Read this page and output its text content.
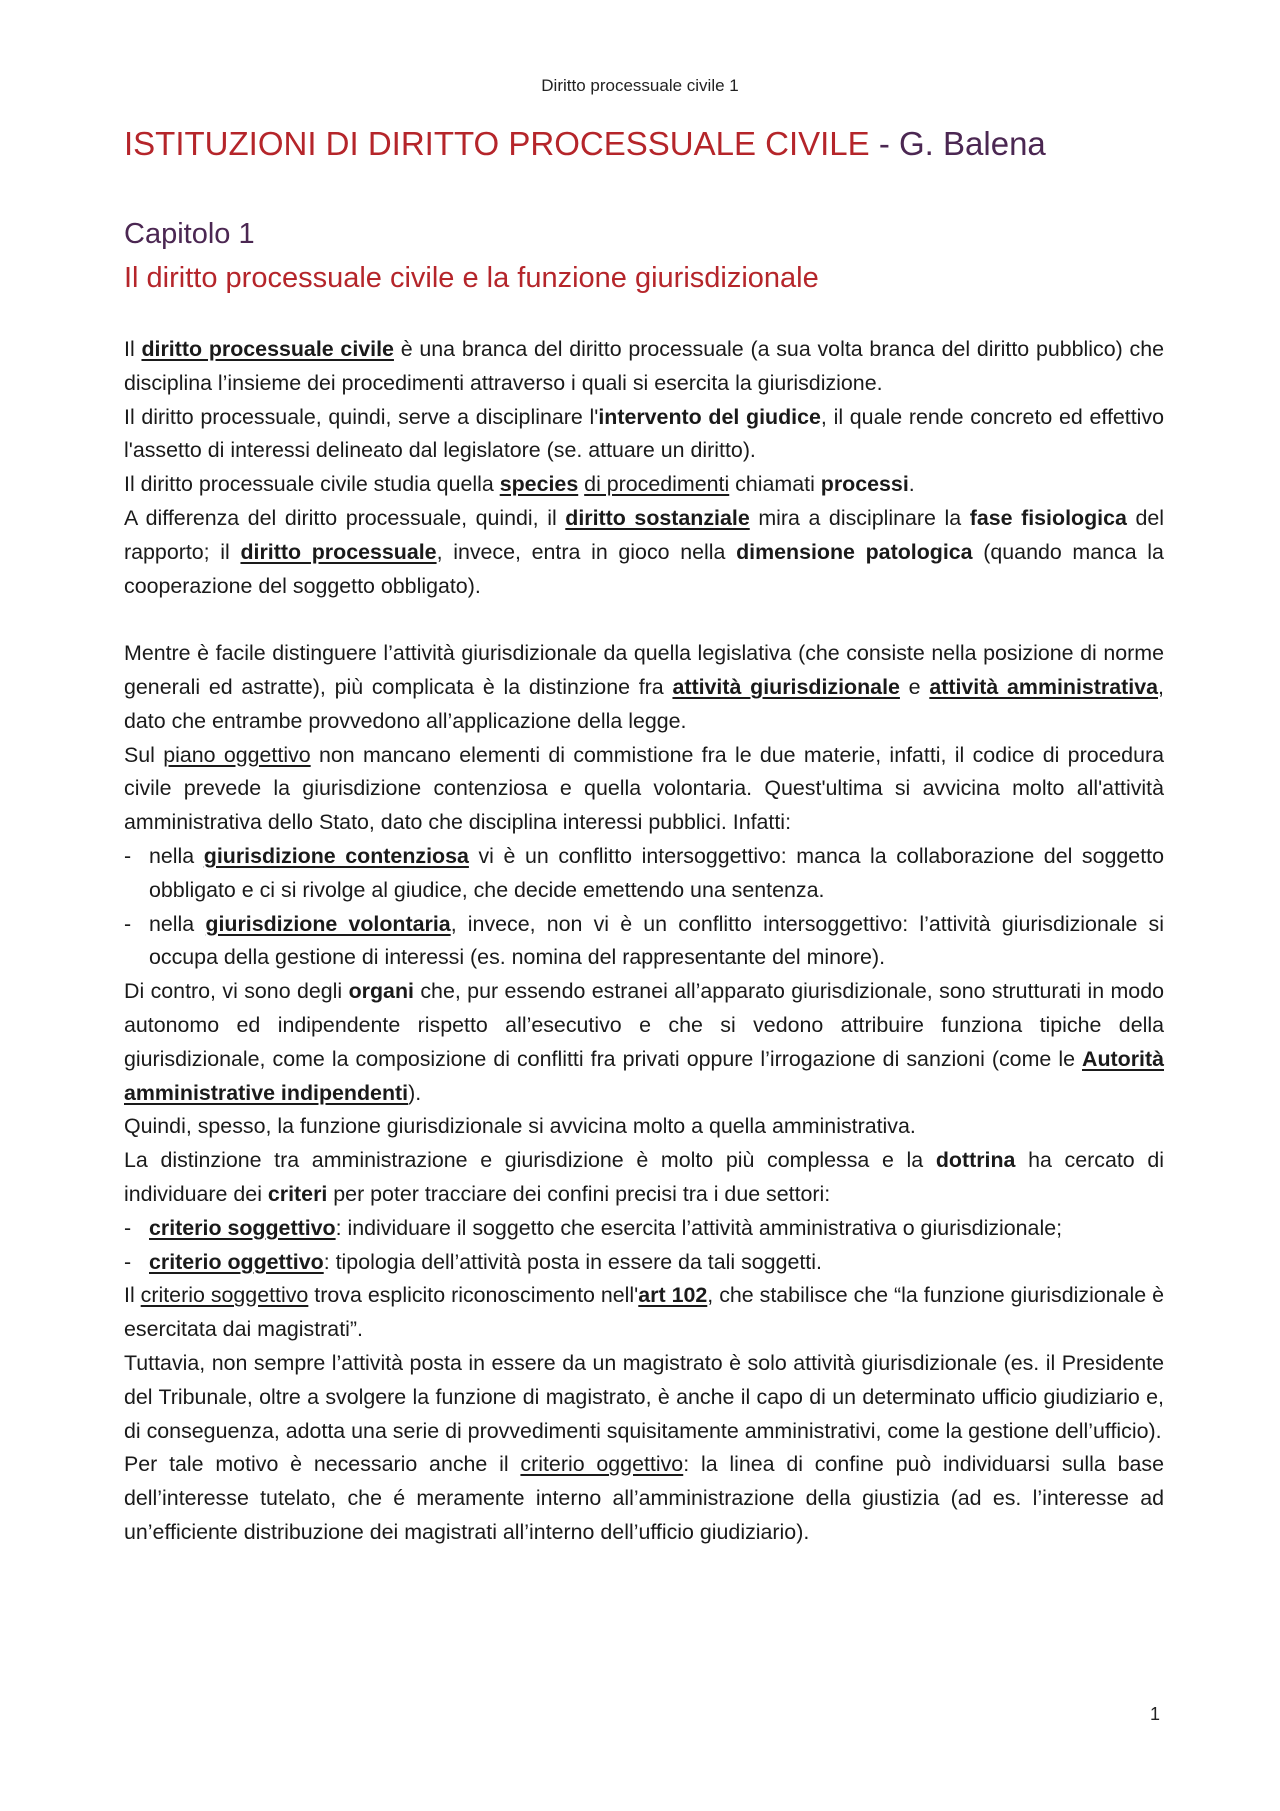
Diritto processuale civile 1
ISTITUZIONI DI DIRITTO PROCESSUALE CIVILE - G. Balena
Capitolo 1
Il diritto processuale civile e la funzione giurisdizionale

Il diritto processuale civile è una branca del diritto processuale (a sua volta branca del diritto pubblico) che disciplina l’insieme dei procedimenti attraverso i quali si esercita la giurisdizione.

Il diritto processuale, quindi, serve a disciplinare l'intervento del giudice, il quale rende concreto ed effettivo l'assetto di interessi delineato dal legislatore (se. attuare un diritto).

Il diritto processuale civile studia quella species di procedimenti chiamati processi.

A differenza del diritto processuale, quindi, il diritto sostanziale mira a disciplinare la fase fisiologica del rapporto; il diritto processuale, invece, entra in gioco nella dimensione patologica (quando manca la cooperazione del soggetto obbligato).

Mentre è facile distinguere l’attività giurisdizionale da quella legislativa (che consiste nella posizione di norme generali ed astratte), più complicata è la distinzione fra attività giurisdizionale e attività amministrativa, dato che entrambe provvedono all’applicazione della legge.

Sul piano oggettivo non mancano elementi di commistione fra le due materie, infatti, il codice di procedura civile prevede la giurisdizione contenziosa e quella volontaria. Quest'ultima si avvicina molto all'attività amministrativa dello Stato, dato che disciplina interessi pubblici. Infatti:

- nella giurisdizione contenziosa vi è un conflitto intersoggettivo: manca la collaborazione del soggetto obbligato e ci si rivolge al giudice, che decide emettendo una sentenza.
- nella giurisdizione volontaria, invece, non vi è un conflitto intersoggettivo: l’attività giurisdizionale si occupa della gestione di interessi (es. nomina del rappresentante del minore).

Di contro, vi sono degli organi che, pur essendo estranei all’apparato giurisdizionale, sono strutturati in modo autonomo ed indipendente rispetto all’esecutivo e che si vedono attribuire funziona tipiche della giurisdizionale, come la composizione di conflitti fra privati oppure l’irrogazione di sanzioni (come le Autorità amministrative indipendenti).

Quindi, spesso, la funzione giurisdizionale si avvicina molto a quella amministrativa.

La distinzione tra amministrazione e giurisdizione è molto più complessa e la dottrina ha cercato di individuare dei criteri per poter tracciare dei confini precisi tra i due settori:

- criterio soggettivo: individuare il soggetto che esercita l’attività amministrativa o giurisdizionale;
- criterio oggettivo: tipologia dell’attività posta in essere da tali soggetti.

Il criterio soggettivo trova esplicito riconoscimento nell'art 102, che stabilisce che “la funzione giurisdizionale è esercitata dai magistrati”.

Tuttavia, non sempre l’attività posta in essere da un magistrato è solo attività giurisdizionale (es. il Presidente del Tribunale, oltre a svolgere la funzione di magistrato, è anche il capo di un determinato ufficio giudiziario e, di conseguenza, adotta una serie di provvedimenti squisitamente amministrativi, come la gestione dell’ufficio).

Per tale motivo è necessario anche il criterio oggettivo: la linea di confine può individuarsi sulla base dell’interesse tutelato, che é meramente interno all’amministrazione della giustizia (ad es. l’interesse ad un’efficiente distribuzione dei magistrati all’interno dell’ufficio giudiziario).

1
